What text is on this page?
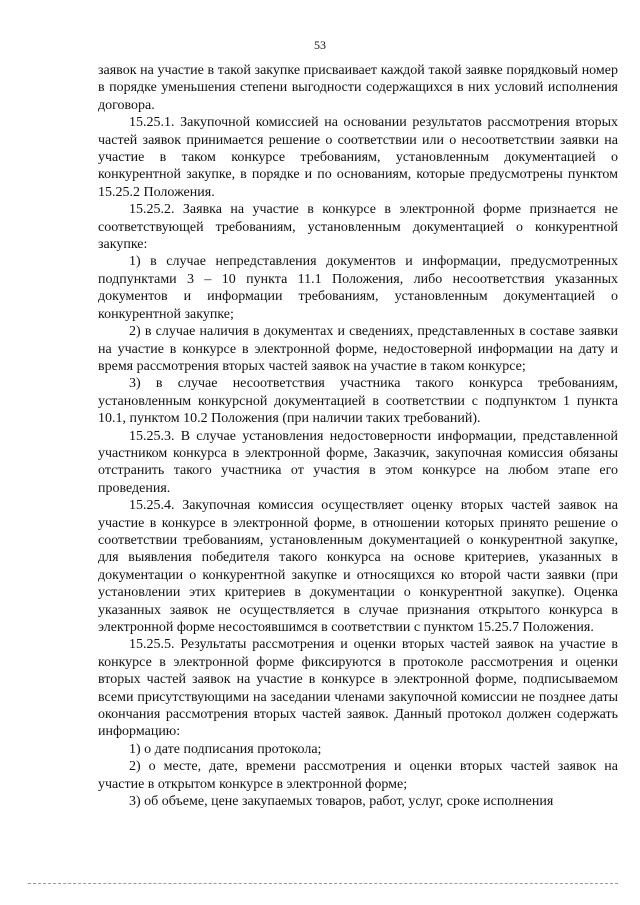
53

заявок на участие в такой закупке присваивает каждой такой заявке порядковый номер в порядке уменьшения степени выгодности содержащихся в них условий исполнения договора.

15.25.1. Закупочной комиссией на основании результатов рассмотрения вторых частей заявок принимается решение о соответствии или о несоответствии заявки на участие в таком конкурсе требованиям, установленным документацией о конкурентной закупке, в порядке и по основаниям, которые предусмотрены пунктом 15.25.2 Положения.

15.25.2. Заявка на участие в конкурсе в электронной форме признается не соответствующей требованиям, установленным документацией о конкурентной закупке:

1) в случае непредставления документов и информации, предусмотренных подпунктами 3 – 10 пункта 11.1 Положения, либо несоответствия указанных документов и информации требованиям, установленным документацией о конкурентной закупке;

2) в случае наличия в документах и сведениях, представленных в составе заявки на участие в конкурсе в электронной форме, недостоверной информации на дату и время рассмотрения вторых частей заявок на участие в таком конкурсе;

3) в случае несоответствия участника такого конкурса требованиям, установленным конкурсной документацией в соответствии с подпунктом 1 пункта 10.1, пунктом 10.2 Положения (при наличии таких требований).

15.25.3. В случае установления недостоверности информации, представленной участником конкурса в электронной форме, Заказчик, закупочная комиссия обязаны отстранить такого участника от участия в этом конкурсе на любом этапе его проведения.

15.25.4. Закупочная комиссия осуществляет оценку вторых частей заявок на участие в конкурсе в электронной форме, в отношении которых принято решение о соответствии требованиям, установленным документацией о конкурентной закупке, для выявления победителя такого конкурса на основе критериев, указанных в документации о конкурентной закупке и относящихся ко второй части заявки (при установлении этих критериев в документации о конкурентной закупке). Оценка указанных заявок не осуществляется в случае признания открытого конкурса в электронной форме несостоявшимся в соответствии с пунктом 15.25.7 Положения.

15.25.5. Результаты рассмотрения и оценки вторых частей заявок на участие в конкурсе в электронной форме фиксируются в протоколе рассмотрения и оценки вторых частей заявок на участие в конкурсе в электронной форме, подписываемом всеми присутствующими на заседании членами закупочной комиссии не позднее даты окончания рассмотрения вторых частей заявок. Данный протокол должен содержать информацию:

1) о дате подписания протокола;

2) о месте, дате, времени рассмотрения и оценки вторых частей заявок на участие в открытом конкурсе в электронной форме;

3) об объеме, цене закупаемых товаров, работ, услуг, сроке исполнения
